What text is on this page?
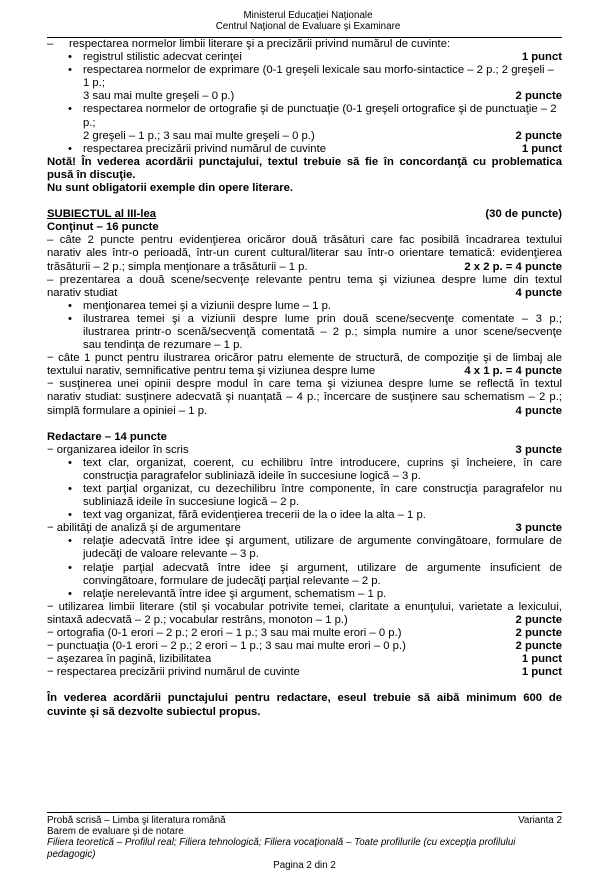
Ministerul Educaţiei Naţionale
Centrul Naţional de Evaluare şi Examinare
– respectarea normelor limbii literare şi a precizării privind numărul de cuvinte:
• registrul stilistic adecvat cerinţei	1 punct
• respectarea normelor de exprimare (0-1 greşeli lexicale sau morfo-sintactice – 2 p.; 2 greşeli – 1 p.;
3 sau mai multe greşeli – 0 p.)	2 puncte
• respectarea normelor de ortografie şi de punctuaţie (0-1 greşeli ortografice şi de punctuaţie – 2 p.;
2 greşeli – 1 p.; 3 sau mai multe greşeli – 0 p.)	2 puncte
• respectarea precizării privind numărul de cuvinte	1 punct
Notă! În vederea acordării punctajului, textul trebuie să fie în concordanţă cu problematica
pusă în discuţie.
Nu sunt obligatorii exemple din opere literare.
SUBIECTUL al III-lea	(30 de puncte)
Conţinut – 16 puncte
– câte 2 puncte pentru evidenţierea oricăror două trăsături care fac posibilă încadrarea textului
narativ ales într-o perioadă, într-un curent cultural/literar sau într-o orientare tematică: evidenţierea
trăsăturii – 2 p.; simpla menţionare a trăsăturii – 1 p.	2 x 2 p. = 4 puncte
– prezentarea a două scene/secvenţe relevante pentru tema şi viziunea despre lume din textul
narativ studiat	4 puncte
• menţionarea temei şi a viziunii despre lume – 1 p.
• ilustrarea temei şi a viziunii despre lume prin două scene/secvenţe comentate – 3 p.;
ilustrarea printr-o scenă/secvenţă comentată – 2 p.; simpla numire a unor scene/secvenţe
sau tendinţa de rezumare – 1 p.
− câte 1 punct pentru ilustrarea oricăror patru elemente de structură, de compoziţie şi de limbaj ale
textului narativ, semnificative pentru tema şi viziunea despre lume	4 x 1 p. = 4 puncte
− susţinerea unei opinii despre modul în care tema şi viziunea despre lume se reflectă în textul
narativ studiat: susţinere adecvată şi nuanţată – 4 p.; încercare de susţinere sau schematism – 2 p.;
simplă formulare a opiniei – 1 p.	4 puncte
Redactare – 14 puncte
− organizarea ideilor în scris	3 puncte
• text clar, organizat, coerent, cu echilibru între introducere, cuprins şi încheiere, în care
construcţia paragrafelor subliniază ideile în succesiune logică – 3 p.
• text parţial organizat, cu dezechilibru între componente, în care construcţia paragrafelor nu
subliniază ideile în succesiune logică – 2 p.
• text vag organizat, fără evidenţierea trecerii de la o idee la alta – 1 p.
− abilităţi de analiză şi de argumentare	3 puncte
• relaţie adecvată între idee şi argument, utilizare de argumente convingătoare, formulare de
judecăţi de valoare relevante – 3 p.
• relaţie parţial adecvată între idee şi argument, utilizare de argumente insuficient de
convingătoare, formulare de judecăţi parţial relevante – 2 p.
• relaţie nerelevantă între idee şi argument, schematism – 1 p.
− utilizarea limbii literare (stil şi vocabular potrivite temei, claritate a enunţului, varietate a lexicului,
sintaxă adecvată – 2 p.; vocabular restrâns, monoton – 1 p.)	2 puncte
− ortografia (0-1 erori – 2 p.; 2 erori – 1 p.; 3 sau mai multe erori – 0 p.)	2 puncte
− punctuaţia (0-1 erori – 2 p.; 2 erori – 1 p.; 3 sau mai multe erori – 0 p.)	2 puncte
− aşezarea în pagină, lizibilitatea	1 punct
− respectarea precizării privind numărul de cuvinte	1 punct
În vederea acordării punctajului pentru redactare, eseul trebuie să aibă minimum 600 de
cuvinte şi să dezvolte subiectul propus.
Probă scrisă – Limba şi literatura română	Varianta 2
Barem de evaluare şi de notare
Filiera teoretică – Profilul real; Filiera tehnologică; Filiera vocaţională – Toate profilurile (cu excepţia profilului pedagogic)
Pagina 2 din 2
